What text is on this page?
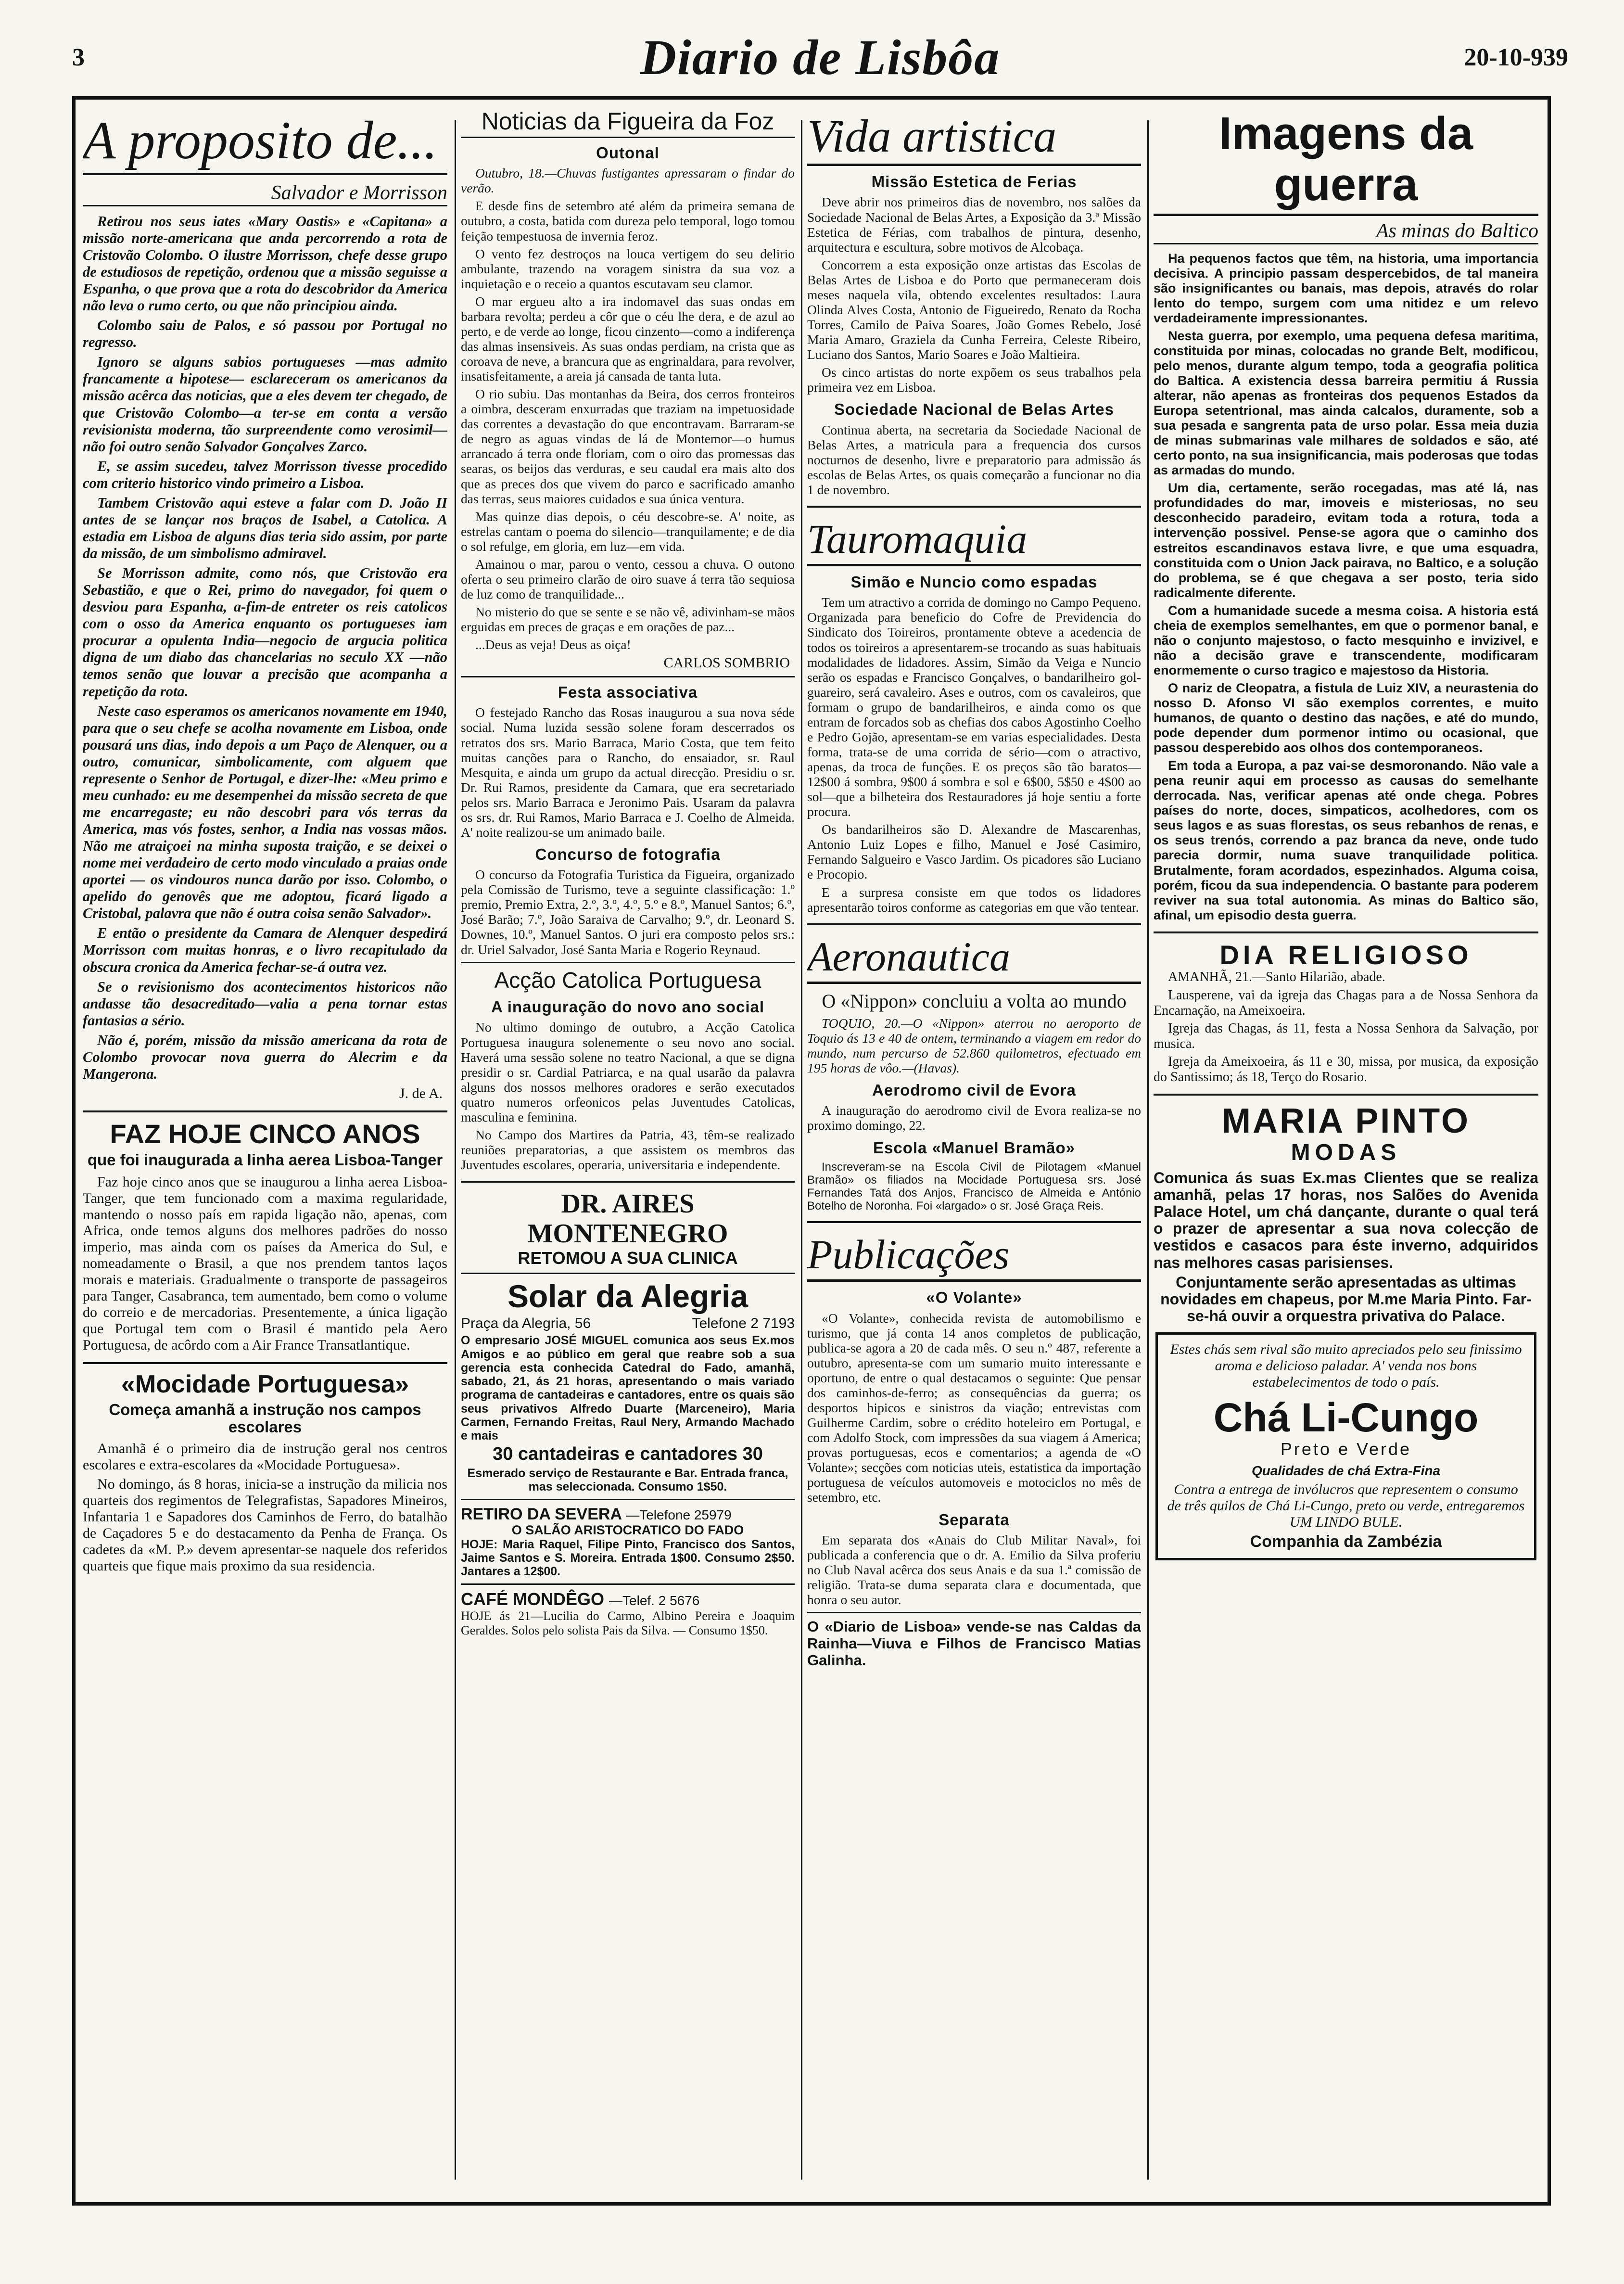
3	Diario de Lisbôa	20-10-939
A proposito de...
Salvador e Morrisson

Retirou nos seus iates «Mary Oastis» e «Capitana» a missão norte-americana que anda percorrendo a rota de Cristovão Colombo. O ilustre Morrisson, chefe desse grupo de estudiosos de repetição, ordenou que a missão seguisse a Espanha, o que prova que a rota do descobridor da America não leva o rumo certo, ou que não principiou ainda.

Colombo saiu de Palos, e só passou por Portugal no regresso.

Ignoro se alguns sabios portugueses —mas admito francamente a hipotese— esclareceram os americanos da missão acêrca das noticias, que a eles devem ter chegado, de que Cristovão Colombo—a ter-se em conta a versão revisionista moderna, tão surpreendente como verosimil—não foi outro senão Salvador Gonçalves Zarco.

E, se assim sucedeu, talvez Morrisson tivesse procedido com criterio historico vindo primeiro a Lisboa.

Tambem Cristovão aqui esteve a falar com D. João II antes de se lançar nos braços de Isabel, a Catolica. A estadia em Lisboa de alguns dias teria sido assim, por parte da missão, de um simbolismo admiravel.

Se Morrisson admite, como nós, que Cristovão era Sebastião, e que o Rei, primo do navegador, foi quem o desviou para Espanha, a-fim-de entreter os reis catolicos com o osso da America enquanto os portugueses iam procurar a opulenta India—negocio de argucia politica digna de um diabo das chancelarias no seculo XX —não temos senão que louvar a precisão que acompanha a repetição da rota.

Neste caso esperamos os americanos novamente em 1940, para que o seu chefe se acolha novamente em Lisboa, onde pousará uns dias, indo depois a um Paço de Alenquer, ou a outro, comunicar, simbolicamente, com alguem que represente o Senhor de Portugal, e dizer-lhe: «Meu primo e meu cunhado: eu me desempenhei da missão secreta de que me encarregaste; eu não descobri para vós terras da America, mas vós fostes, senhor, a India nas vossas mãos. Não me atraiçoei na minha suposta traição, e se deixei o nome mei verdadeiro de certo modo vinculado a praias onde aportei — os vindouros nunca darão por isso. Colombo, o apelido do genovês que me adoptou, ficará ligado a Cristobal, palavra que não é outra coisa senão Salvador».

E então o presidente da Camara de Alenquer despedirá Morrisson com muitas honras, e o livro recapitulado da obscura cronica da America fechar-se-á outra vez.

Se o revisionismo dos acontecimentos historicos não andasse tão desacreditado—valia a pena tornar estas fantasias a sério.

Não é, porém, missão da missão americana da rota de Colombo provocar nova guerra do Alecrim e da Mangerona.

J. de A.
FAZ HOJE CINCO ANOS
que foi inaugurada a linha aerea Lisboa-Tanger

Faz hoje cinco anos que se inaugurou a linha aerea Lisboa-Tanger, que tem funcionado com a maxima regularidade, mantendo o nosso país em rapida ligação não, apenas, com Africa, onde temos alguns dos melhores padrões do nosso imperio, mas ainda com os países da America do Sul, e nomeadamente o Brasil, a que nos prendem tantos laços morais e materiais. Gradualmente o transporte de passageiros para Tanger, Casabranca, tem aumentado, bem como o volume do correio e de mercadorias. Presentemente, a única ligação que Portugal tem com o Brasil é mantido pela Aero Portuguesa, de acôrdo com a Air France Transatlantique.

«Mocidade Portuguesa»
Começa amanhã a instrução nos campos escolares

Amanhã é o primeiro dia de instrução geral nos centros escolares e extra-escolares da «Mocidade Portuguesa».

No domingo, ás 8 horas, inicia-se a instrução da milicia nos quarteis dos regimentos de Telegrafistas, Sapadores Mineiros, Infantaria 1 e Sapadores dos Caminhos de Ferro, do batalhão de Caçadores 5 e do destacamento da Penha de França. Os cadetes da «M. P.» devem apresentar-se naquele dos referidos quarteis que fique mais proximo da sua residencia.

Noticias da Figueira da Foz
Outonal

Outubro, 18.—Chuvas fustigantes apressaram o findar do verão.

E desde fins de setembro até além da primeira semana de outubro, a costa, batida com dureza pelo temporal, logo tomou feição tempestuosa de invernia feroz.

O vento fez destroços na louca vertigem do seu delirio ambulante, trazendo na voragem sinistra da sua voz a inquietação e o receio a quantos escutavam seu clamor.

O mar ergueu alto a ira indomavel das suas ondas em barbara revolta; perdeu a côr que o céu lhe dera, e de azul ao perto, e de verde ao longe, ficou cinzento—como a indiferença das almas insensiveis. As suas ondas perdiam, na crista que as coroava de neve, a brancura que as engrinaldara, para revolver, insatisfeitamente, a areia já cansada de tanta luta.

O rio subiu. Das montanhas da Beira, dos cerros fronteiros a oimbra, desceram enxurradas que traziam na impetuosidade das correntes a devastação do que encontravam. Barraram-se de negro as aguas vindas de lá de Montemor—o humus arrancado á terra onde floriam, com o oiro das promessas das searas, os beijos das verduras, e seu caudal era mais alto dos que as preces dos que vivem do parco e sacrificado amanho das terras, seus maiores cuidados e sua única ventura.

Mas quinze dias depois, o céu descobre-se. A' noite, as estrelas cantam o poema do silencio—tranquilamente; e de dia o sol refulge, em gloria, em luz—em vida.

Amainou o mar, parou o vento, cessou a chuva. O outono oferta o seu primeiro clarão de oiro suave á terra tão sequiosa de luz como de tranquilidade...

No misterio do que se sente e se não vê, adivinham-se mãos erguidas em preces de graças e em orações de paz...

...Deus as veja! Deus as oiça!

CARLOS SOMBRIO
Festa associativa

O festejado Rancho das Rosas inaugurou a sua nova séde social. Numa luzida sessão solene foram descerrados os retratos dos srs. Mario Barraca, Mario Costa, que tem feito muitas canções para o Rancho, do ensaiador, sr. Raul Mesquita, e ainda um grupo da actual direcção. Presidiu o sr. Dr. Rui Ramos, presidente da Camara, que era secretariado pelos srs. Mario Barraca e Jeronimo Pais. Usaram da palavra os srs. dr. Rui Ramos, Mario Barraca e J. Coelho de Almeida. A' noite realizou-se um animado baile.

Concurso de fotografia

O concurso da Fotografia Turistica da Figueira, organizado pela Comissão de Turismo, teve a seguinte classificação: 1.º premio, Premio Extra, 2.º, 3.º, 4.º, 5.º e 8.º, Manuel Santos; 6.º, José Barão; 7.º, João Saraiva de Carvalho; 9.º, dr. Leonard S. Downes, 10.º, Manuel Santos. O juri era composto pelos srs.: dr. Uriel Salvador, José Santa Maria e Rogerio Reynaud.

Acção Catolica Portuguesa
A inauguração do novo ano social

No ultimo domingo de outubro, a Acção Catolica Portuguesa inaugura solenemente o seu novo ano social. Haverá uma sessão solene no teatro Nacional, a que se digna presidir o sr. Cardial Patriarca, e na qual usarão da palavra alguns dos nossos melhores oradores e serão executados quatro numeros orfeonicos pelas Juventudes Catolicas, masculina e feminina.

No Campo dos Martires da Patria, 43, têm-se realizado reuniões preparatorias, a que assistem os membros das Juventudes escolares, operaria, universitaria e independente.

DR. AIRES MONTENEGRO
RETOMOU A SUA CLINICA
Solar da Alegria
Praça da Alegria, 56	Telefone 2 7193
O empresario JOSÉ MIGUEL comunica aos seus Ex.mos Amigos e ao público em geral que reabre sob a sua gerencia esta conhecida Catedral do Fado, amanhã, sabado, 21, ás 21 horas, apresentando o mais variado programa de cantadeiras e cantadores, entre os quais são seus privativos Alfredo Duarte (Marceneiro), Maria Carmen, Fernando Freitas, Raul Nery, Armando Machado e mais
30 cantadeiras e cantadores 30
Esmerado serviço de Restaurante e Bar. Entrada franca, mas seleccionada. Consumo 1$50.
RETIRO DA SEVERA —Telefone 25979
O SALÃO ARISTOCRATICO DO FADO
HOJE: Maria Raquel, Filipe Pinto, Francisco dos Santos, Jaime Santos e S. Moreira. Entrada 1$00. Consumo 2$50. Jantares a 12$00.
CAFÉ MONDÊGO —Telef. 2 5676
HOJE ás 21—Lucilia do Carmo, Albino Pereira e Joaquim Geraldes. Solos pelo solista Pais da Silva. — Consumo 1$50.
Vida artistica
Missão Estetica de Ferias

Deve abrir nos primeiros dias de novembro, nos salões da Sociedade Nacional de Belas Artes, a Exposição da 3.ª Missão Estetica de Férias, com trabalhos de pintura, desenho, arquitectura e escultura, sobre motivos de Alcobaça.

Concorrem a esta exposição onze artistas das Escolas de Belas Artes de Lisboa e do Porto que permaneceram dois meses naquela vila, obtendo excelentes resultados: Laura Olinda Alves Costa, Antonio de Figueiredo, Renato da Rocha Torres, Camilo de Paiva Soares, João Gomes Rebelo, José Maria Amaro, Graziela da Cunha Ferreira, Celeste Ribeiro, Luciano dos Santos, Mario Soares e João Maltieira.

Os cinco artistas do norte expõem os seus trabalhos pela primeira vez em Lisboa.

Sociedade Nacional de Belas Artes

Continua aberta, na secretaria da Sociedade Nacional de Belas Artes, a matricula para a frequencia dos cursos nocturnos de desenho, livre e preparatorio para admissão ás escolas de Belas Artes, os quais começarão a funcionar no dia 1 de novembro.

Tauromaquia
Simão e Nuncio como espadas

Tem um atractivo a corrida de domingo no Campo Pequeno. Organizada para beneficio do Cofre de Previdencia do Sindicato dos Toireiros, prontamente obteve a acedencia de todos os toireiros a apresentarem-se trocando as suas habituais modalidades de lidadores. Assim, Simão da Veiga e Nuncio serão os espadas e Francisco Gonçalves, o bandarilheiro gol-guareiro, será cavaleiro. Ases e outros, com os cavaleiros, que formam o grupo de bandarilheiros, e ainda como os que entram de forcados sob as chefias dos cabos Agostinho Coelho e Pedro Gojão, apresentam-se em varias especialidades. Desta forma, trata-se de uma corrida de sério—com o atractivo, apenas, da troca de funções. E os preços são tão baratos—12$00 á sombra, 9$00 á sombra e sol e 6$00, 5$50 e 4$00 ao sol—que a bilheteira dos Restauradores já hoje sentiu a forte procura.

Os bandarilheiros são D. Alexandre de Mascarenhas, Antonio Luiz Lopes e filho, Manuel e José Casimiro, Fernando Salgueiro e Vasco Jardim. Os picadores são Luciano e Procopio.

E a surpresa consiste em que todos os lidadores apresentarão toiros conforme as categorias em que vão tentear.

Aeronautica
O «Nippon» concluiu a volta ao mundo

TOQUIO, 20.—O «Nippon» aterrou no aeroporto de Toquio ás 13 e 40 de ontem, terminando a viagem em redor do mundo, num percurso de 52.860 quilometros, efectuado em 195 horas de vôo.—(Havas).

Aerodromo civil de Evora

A inauguração do aerodromo civil de Evora realiza-se no proximo domingo, 22.

Escola «Manuel Bramão»

Inscreveram-se na Escola Civil de Pilotagem «Manuel Bramão» os filiados na Mocidade Portuguesa srs. José Fernandes Tatá dos Anjos, Francisco de Almeida e António Botelho de Noronha. Foi «largado» o sr. José Graça Reis.

Publicações
«O Volante»

«O Volante», conhecida revista de automobilismo e turismo, que já conta 14 anos completos de publicação, publica-se agora a 20 de cada mês. O seu n.º 487, referente a outubro, apresenta-se com um sumario muito interessante e oportuno, de entre o qual destacamos o seguinte: Que pensar dos caminhos-de-ferro; as consequências da guerra; os desportos hipicos e sinistros da viação; entrevistas com Guilherme Cardim, sobre o crédito hoteleiro em Portugal, e com Adolfo Stock, com impressões da sua viagem á America; provas portuguesas, ecos e comentarios; a agenda de «O Volante»; secções com noticias uteis, estatistica da importação portuguesa de veículos automoveis e motociclos no mês de setembro, etc.

Separata

Em separata dos «Anais do Club Militar Naval», foi publicada a conferencia que o dr. A. Emilio da Silva proferiu no Club Naval acêrca dos seus Anais e da sua 1.ª comissão de religião. Trata-se duma separata clara e documentada, que honra o seu autor.

O «Diario de Lisboa» vende-se nas Caldas da Rainha—Viuva e Filhos de Francisco Matias Galinha.
Imagens da guerra
As minas do Baltico

Ha pequenos factos que têm, na historia, uma importancia decisiva. A principio passam despercebidos, de tal maneira são insignificantes ou banais, mas depois, através do rolar lento do tempo, surgem com uma nitidez e um relevo verdadeiramente impressionantes.

Nesta guerra, por exemplo, uma pequena defesa maritima, constituida por minas, colocadas no grande Belt, modificou, pelo menos, durante algum tempo, toda a geografia politica do Baltica. A existencia dessa barreira permitiu á Russia alterar, não apenas as fronteiras dos pequenos Estados da Europa setentrional, mas ainda calcalos, duramente, sob a sua pesada e sangrenta pata de urso polar. Essa meia duzia de minas submarinas vale milhares de soldados e são, até certo ponto, na sua insignificancia, mais poderosas que todas as armadas do mundo.

Um dia, certamente, serão rocegadas, mas até lá, nas profundidades do mar, imoveis e misteriosas, no seu desconhecido paradeiro, evitam toda a rotura, toda a intervenção possivel. Pense-se agora que o caminho dos estreitos escandinavos estava livre, e que uma esquadra, constituida com o Union Jack pairava, no Baltico, e a solução do problema, se é que chegava a ser posto, teria sido radicalmente diferente.

Com a humanidade sucede a mesma coisa. A historia está cheia de exemplos semelhantes, em que o pormenor banal, e não o conjunto majestoso, o facto mesquinho e invizivel, e não a decisão grave e transcendente, modificaram enormemente o curso tragico e majestoso da Historia.

O nariz de Cleopatra, a fistula de Luiz XIV, a neurastenia do nosso D. Afonso VI são exemplos correntes, e muito humanos, de quanto o destino das nações, e até do mundo, pode depender dum pormenor intimo ou ocasional, que passou desperebido aos olhos dos contemporaneos.

Em toda a Europa, a paz vai-se desmoronando. Não vale a pena reunir aqui em processo as causas do semelhante derrocada. Nas, verificar apenas até onde chega. Pobres países do norte, doces, simpaticos, acolhedores, com os seus lagos e as suas florestas, os seus rebanhos de renas, e os seus trenós, correndo a paz branca da neve, onde tudo parecia dormir, numa suave tranquilidade politica. Brutalmente, foram acordados, espezinhados. Alguma coisa, porém, ficou da sua independencia. O bastante para poderem reviver na sua total autonomia. As minas do Baltico são, afinal, um episodio desta guerra.

DIA RELIGIOSO

AMANHÃ, 21.—Santo Hilarião, abade.

Lausperene, vai da igreja das Chagas para a de Nossa Senhora da Encarnação, na Ameixoeira.

Igreja das Chagas, ás 11, festa a Nossa Senhora da Salvação, por musica.

Igreja da Ameixoeira, ás 11 e 30, missa, por musica, da exposição do Santissimo; ás 18, Terço do Rosario.

MARIA PINTO
MODAS
Comunica ás suas Ex.mas Clientes que se realiza amanhã, pelas 17 horas, nos Salões do Avenida Palace Hotel, um chá dançante, durante o qual terá o prazer de apresentar a sua nova colecção de vestidos e casacos para éste inverno, adquiridos nas melhores casas parisienses.
Conjuntamente serão apresentadas as ultimas novidades em chapeus, por M.me Maria Pinto. Far-se-há ouvir a orquestra privativa do Palace.
Estes chás sem rival são muito apreciados pelo seu finissimo aroma e delicioso paladar. A' venda nos bons estabelecimentos de todo o país.
Chá Li-Cungo
Preto e Verde
Qualidades de chá Extra-Fina
Contra a entrega de invólucros que representem o consumo de três quilos de Chá Li-Cungo, preto ou verde, entregaremos UM LINDO BULE.
Companhia da Zambézia
